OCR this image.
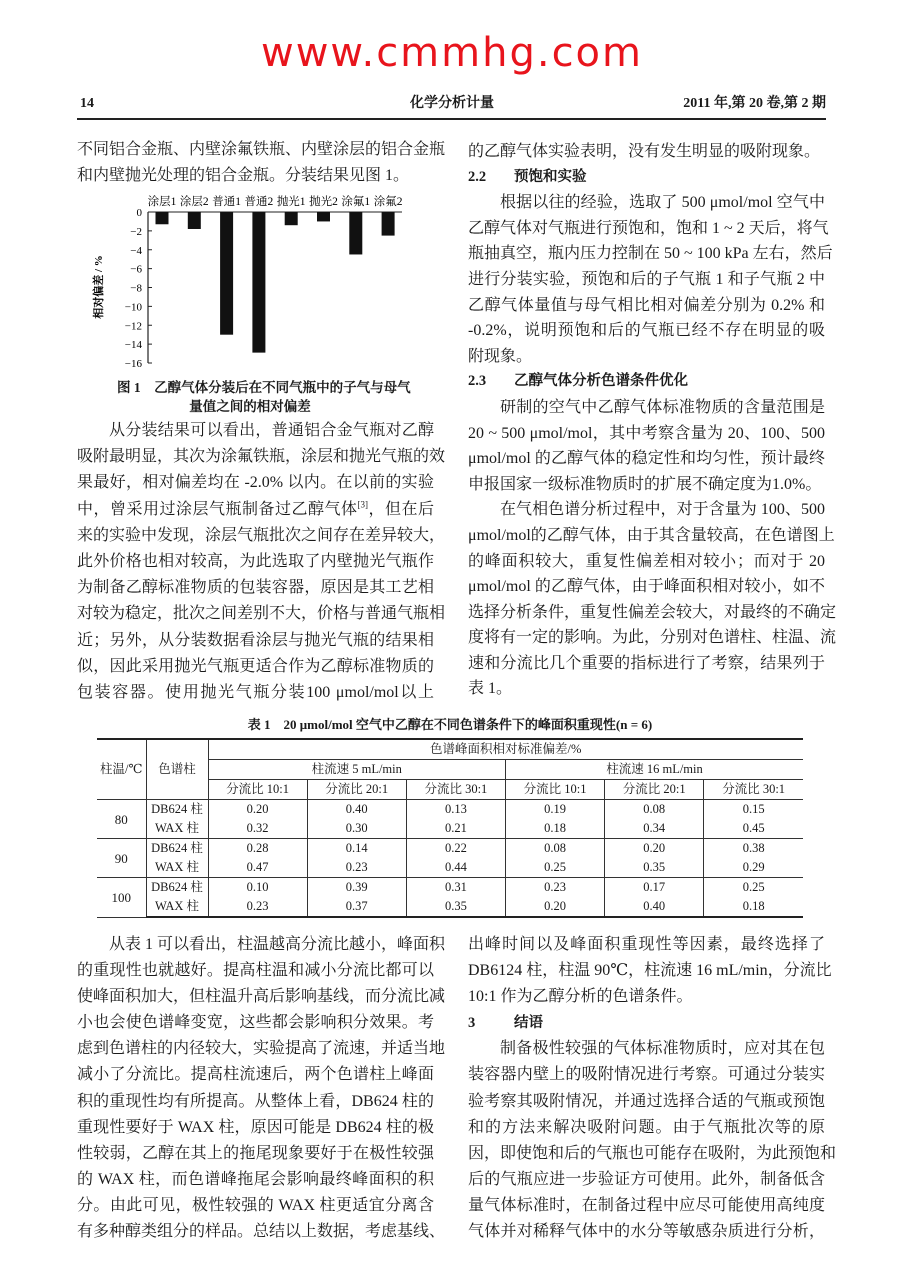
www.cmmhg.com
14	化学分析计量	2011 年,第 20 卷,第 2 期
不同铝合金瓶、内壁涂氟铁瓶、内壁涂层的铝合金瓶
和内壁抛光处理的铝合金瓶。分装结果见图 1。
0
−2
−4
−6
−8
−10
−12
−14
−16
相对偏差 / %
涂层1 涂层2 普通1 普通2 抛光1 抛光2 涂氟1 涂氟2
图 1　乙醇气体分装后在不同气瓶中的子气与母气
量值之间的相对偏差
从分装结果可以看出，普通铝合金气瓶对乙醇
吸附最明显，其次为涂氟铁瓶，涂层和抛光气瓶的效
果最好，相对偏差均在 -2.0% 以内。在以前的实验
中，曾采用过涂层气瓶制备过乙醇气体[3]，但在后
来的实验中发现，涂层气瓶批次之间存在差异较大，
此外价格也相对较高，为此选取了内壁抛光气瓶作
为制备乙醇标准物质的包装容器，原因是其工艺相
对较为稳定，批次之间差别不大，价格与普通气瓶相
近；另外，从分装数据看涂层与抛光气瓶的结果相
似，因此采用抛光气瓶更适合作为乙醇标准物质的
包装容器。使用抛光气瓶分装100 μmol/mol以上
的乙醇气体实验表明，没有发生明显的吸附现象。
2.2 预饱和实验
根据以往的经验，选取了 500 μmol/mol 空气中
乙醇气体对气瓶进行预饱和，饱和 1 ~ 2 天后，将气
瓶抽真空，瓶内压力控制在 50 ~ 100 kPa 左右，然后
进行分装实验，预饱和后的子气瓶 1 和子气瓶 2 中
乙醇气体量值与母气相比相对偏差分别为 0.2% 和
-0.2%，说明预饱和后的气瓶已经不存在明显的吸
附现象。
2.3 乙醇气体分析色谱条件优化
研制的空气中乙醇气体标准物质的含量范围是
20 ~ 500 μmol/mol，其中考察含量为 20、100、500
μmol/mol 的乙醇气体的稳定性和均匀性，预计最终
申报国家一级标准物质时的扩展不确定度为1.0%。
在气相色谱分析过程中，对于含量为 100、500
μmol/mol的乙醇气体，由于其含量较高，在色谱图上
的峰面积较大，重复性偏差相对较小；而对于 20
μmol/mol 的乙醇气体，由于峰面积相对较小，如不
选择分析条件，重复性偏差会较大，对最终的不确定
度将有一定的影响。为此，分别对色谱柱、柱温、流
速和分流比几个重要的指标进行了考察，结果列于
表 1。
表 1　20 μmol/mol 空气中乙醇在不同色谱条件下的峰面积重现性(n = 6)
柱温/℃	色谱柱	色谱峰面积相对标准偏差/%					
		柱流速 5 mL/min			柱流速 16 mL/min		
		分流比 10:1	分流比 20:1	分流比 30:1	分流比 10:1	分流比 20:1	分流比 30:1
80	DB624 柱	0.20	0.40	0.13	0.19	0.08	0.15
	WAX 柱	0.32	0.30	0.21	0.18	0.34	0.45
90	DB624 柱	0.28	0.14	0.22	0.08	0.20	0.38
	WAX 柱	0.47	0.23	0.44	0.25	0.35	0.29
100	DB624 柱	0.10	0.39	0.31	0.23	0.17	0.25
	WAX 柱	0.23	0.37	0.35	0.20	0.40	0.18
从表 1 可以看出，柱温越高分流比越小，峰面积
的重现性也就越好。提高柱温和减小分流比都可以
使峰面积加大，但柱温升高后影响基线，而分流比减
小也会使色谱峰变宽，这些都会影响积分效果。考
虑到色谱柱的内径较大，实验提高了流速，并适当地
减小了分流比。提高柱流速后，两个色谱柱上峰面
积的重现性均有所提高。从整体上看，DB624 柱的
重现性要好于 WAX 柱，原因可能是 DB624 柱的极
性较弱，乙醇在其上的拖尾现象要好于在极性较强
的 WAX 柱，而色谱峰拖尾会影响最终峰面积的积
分。由此可见，极性较强的 WAX 柱更适宜分离含
有多种醇类组分的样品。总结以上数据，考虑基线、
出峰时间以及峰面积重现性等因素，最终选择了
DB6124 柱，柱温 90℃，柱流速 16 mL/min，分流比
10:1 作为乙醇分析的色谱条件。
3	结语
制备极性较强的气体标准物质时，应对其在包
装容器内壁上的吸附情况进行考察。可通过分装实
验考察其吸附情况，并通过选择合适的气瓶或预饱
和的方法来解决吸附问题。由于气瓶批次等的原
因，即使饱和后的气瓶也可能存在吸附，为此预饱和
后的气瓶应进一步验证方可使用。此外，制备低含
量气体标准时，在制备过程中应尽可能使用高纯度
气体并对稀释气体中的水分等敏感杂质进行分析，
